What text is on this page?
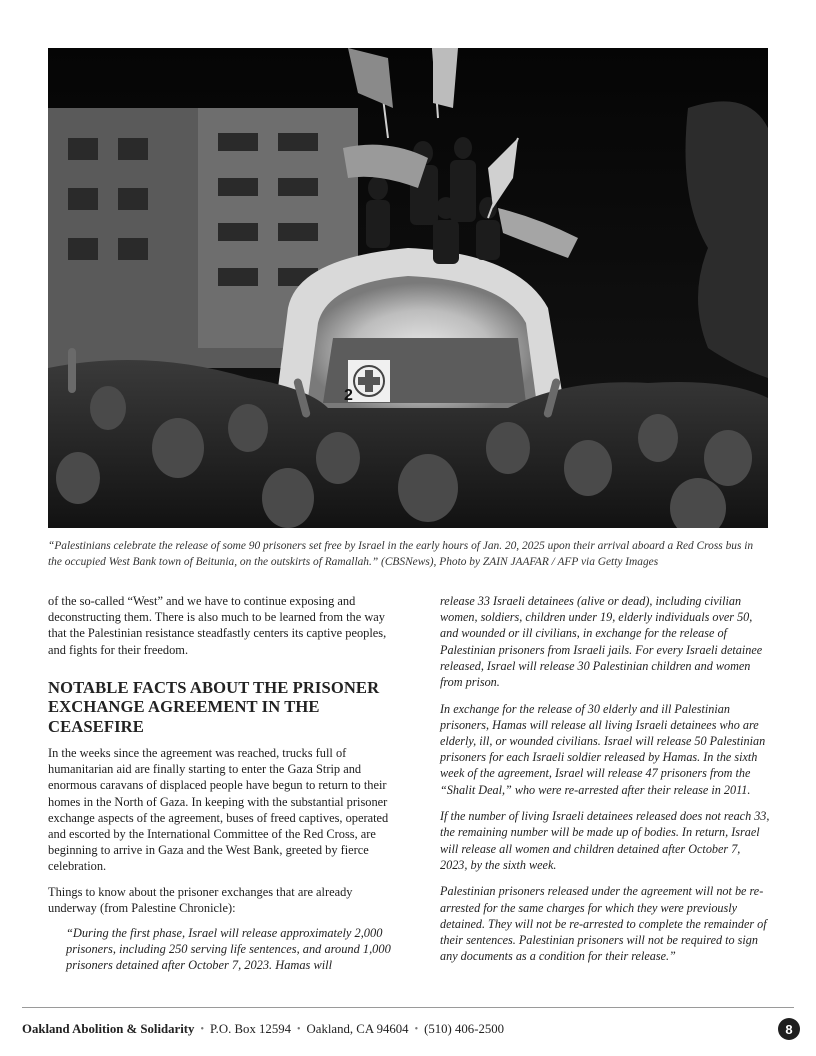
2

“Palestinians celebrate the release of some 90 prisoners set free by Israel in the early hours of Jan. 20, 2025 upon their arrival aboard a Red Cross bus in the occupied West Bank town of Beitunia, on the outskirts of Ramallah.” (CBSNews), Photo by ZAIN JAAFAR / AFP via Getty Images

of the so-called “West” and we have to continue exposing and deconstructing them. There is also much to be learned from the way that the Palestinian resistance steadfastly centers its captive peoples, and fights for their freedom.

NOTABLE FACTS ABOUT THE PRISONER EXCHANGE AGREEMENT IN THE CEASEFIRE

In the weeks since the agreement was reached, trucks full of humanitarian aid are finally starting to enter the Gaza Strip and enormous caravans of displaced people have begun to return to their homes in the North of Gaza. In keeping with the substantial prisoner exchange aspects of the agreement, buses of freed captives, operated and escorted by the International Committee of the Red Cross, are beginning to arrive in Gaza and the West Bank, greeted by fierce celebration.

Things to know about the prisoner exchanges that are already underway (from Palestine Chronicle):

“During the first phase, Israel will release approximately 2,000 prisoners, including 250 serving life sentences, and around 1,000 prisoners detained after October 7, 2023. Hamas will

release 33 Israeli detainees (alive or dead), including civilian women, soldiers, children under 19, elderly individuals over 50, and wounded or ill civilians, in exchange for the release of Palestinian prisoners from Israeli jails. For every Israeli detainee released, Israel will release 30 Palestinian children and women from prison.

In exchange for the release of 30 elderly and ill Palestinian prisoners, Hamas will release all living Israeli detainees who are elderly, ill, or wounded civilians. Israel will release 50 Palestinian prisoners for each Israeli soldier released by Hamas. In the sixth week of the agreement, Israel will release 47 prisoners from the “Shalit Deal,” who were re-arrested after their release in 2011.

If the number of living Israeli detainees released does not reach 33, the remaining number will be made up of bodies. In return, Israel will release all women and children detained after October 7, 2023, by the sixth week.

Palestinian prisoners released under the agreement will not be re-arrested for the same charges for which they were previously detained. They will not be re-arrested to complete the remainder of their sentences. Palestinian prisoners will not be required to sign any documents as a condition for their release.”

Oakland Abolition & Solidarity • P.O. Box 12594 • Oakland, CA 94604 • (510) 406-2500	8
